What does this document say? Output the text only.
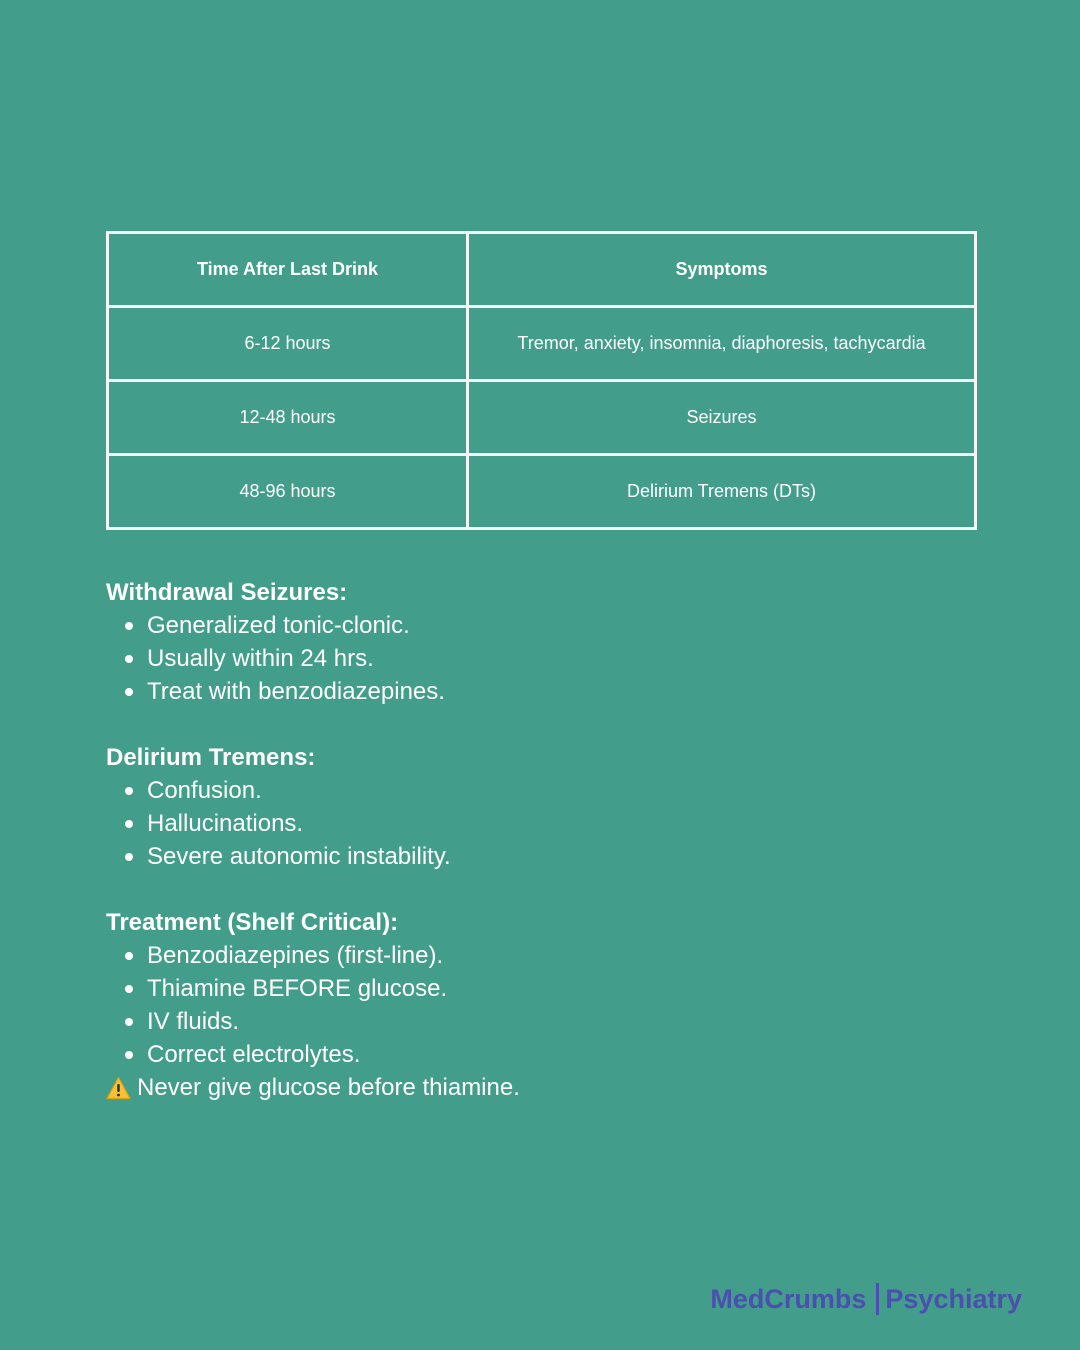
Time After Last Drink	Symptoms
6-12 hours	Tremor, anxiety, insomnia, diaphoresis, tachycardia
12-48 hours	Seizures
48-96 hours	Delirium Tremens (DTs)
Withdrawal Seizures:
Generalized tonic-clonic.
Usually within 24 hrs.
Treat with benzodiazepines.
Delirium Tremens:
Confusion.
Hallucinations.
Severe autonomic instability.
Treatment (Shelf Critical):
Benzodiazepines (first-line).
Thiamine BEFORE glucose.
IV fluids.
Correct electrolytes.
Never give glucose before thiamine.
MedCrumbs Psychiatry
